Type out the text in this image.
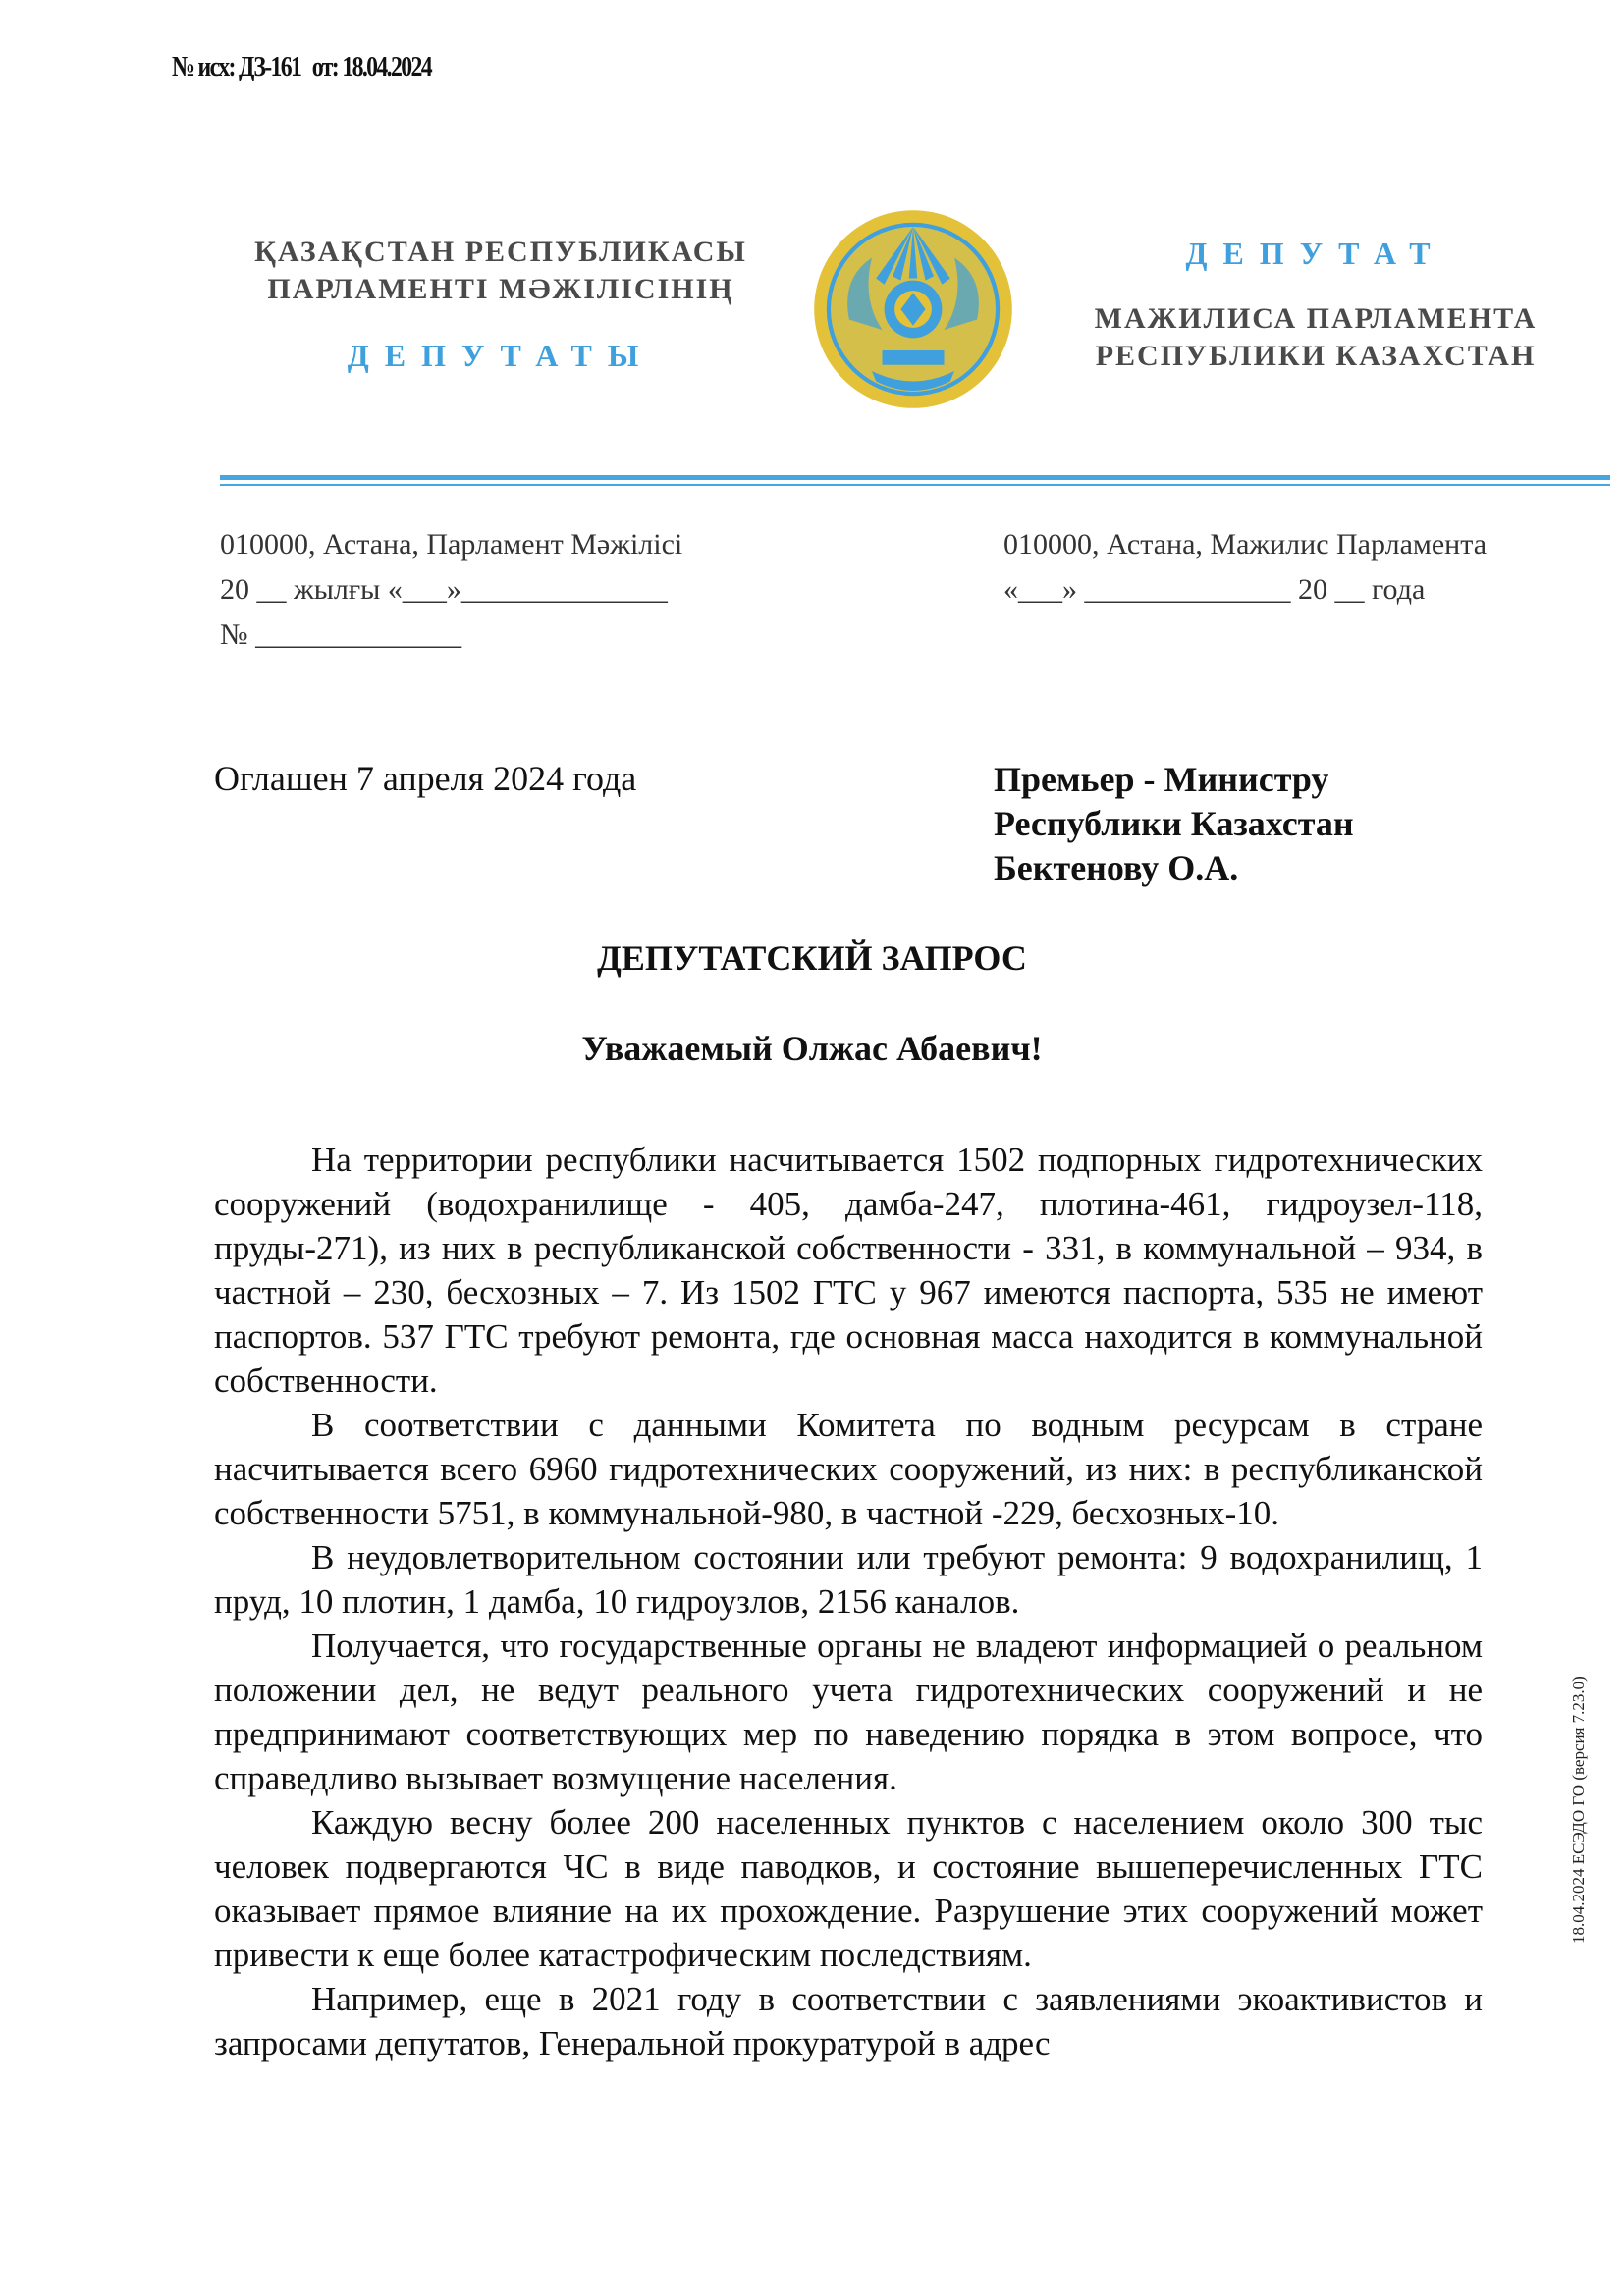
№ исх: ДЗ-161 от: 18.04.2024
18.04.2024 ЕСЭДО ГО (версия 7.23.0)
ҚАЗАҚСТАН РЕСПУБЛИКАСЫ
ПАРЛАМЕНТІ МӘЖІЛІСІНІҢ
ДЕПУТАТЫ
ДЕПУТАТ
МАЖИЛИСА ПАРЛАМЕНТА
РЕСПУБЛИКИ КАЗАХСТАН
010000, Астана, Парламент Мәжілісі
20 __ жылғы «___»______________
№ ______________
010000, Астана, Мажилис Парламента
«___» ______________ 20 __ года
Оглашен 7 апреля 2024 года	Премьер - Министру
Республики Казахстан
Бектенову О.А.
ДЕПУТАТСКИЙ ЗАПРОС
Уважаемый Олжас Абаевич!

На территории республики насчитывается 1502 подпорных гидротехнических сооружений (водохранилище - 405, дамба-247, плотина-461, гидроузел-118, пруды-271), из них в республиканской собственности - 331, в коммунальной – 934, в частной – 230, бесхозных – 7. Из 1502 ГТС у 967 имеются паспорта, 535 не имеют паспортов. 537 ГТС требуют ремонта, где основная масса находится в коммунальной собственности.

В соответствии с данными Комитета по водным ресурсам в стране насчитывается всего 6960 гидротехнических сооружений, из них: в республиканской собственности 5751, в коммунальной-980, в частной -229, бесхозных-10.

В неудовлетворительном состоянии или требуют ремонта: 9 водохранилищ, 1 пруд, 10 плотин, 1 дамба, 10 гидроузлов, 2156 каналов.

Получается, что государственные органы не владеют информацией о реальном положении дел, не ведут реального учета гидротехнических сооружений и не предпринимают соответствующих мер по наведению порядка в этом вопросе, что справедливо вызывает возмущение населения.

Каждую весну более 200 населенных пунктов с населением около 300 тыс человек подвергаются ЧС в виде паводков, и состояние вышеперечисленных ГТС оказывает прямое влияние на их прохождение. Разрушение этих сооружений может привести к еще более катастрофическим последствиям.

Например, еще в 2021 году в соответствии с заявлениями экоактивистов и запросами депутатов, Генеральной прокуратурой в адрес
